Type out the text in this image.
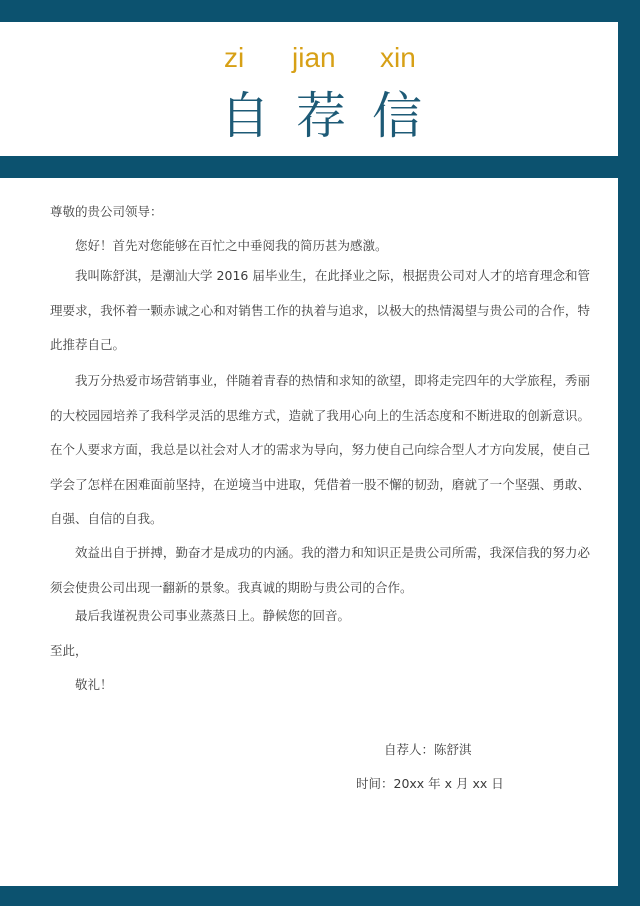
zi jian xin
自 荐 信
尊敬的贵公司领导：
您好！首先对您能够在百忙之中垂阅我的简历甚为感激。
我叫陈舒淇，是潮汕大学 2016 届毕业生，在此择业之际，根据贵公司对人才的培育理念和管理要求，我怀着一颗赤诚之心和对销售工作的执着与追求，以极大的热情渴望与贵公司的合作，特此推荐自己。
我万分热爱市场营销事业，伴随着青春的热情和求知的欲望，即将走完四年的大学旅程，秀丽的大校园园培养了我科学灵活的思维方式，造就了我用心向上的生活态度和不断进取的创新意识。在个人要求方面，我总是以社会对人才的需求为导向，努力使自己向综合型人才方向发展，使自己学会了怎样在困难面前坚持，在逆境当中进取，凭借着一股不懈的韧劲，磨就了一个坚强、勇敢、自强、自信的自我。
效益出自于拼搏，勤奋才是成功的内涵。我的潜力和知识正是贵公司所需，我深信我的努力必须会使贵公司出现一翻新的景象。我真诚的期盼与贵公司的合作。
最后我谨祝贵公司事业蒸蒸日上。静候您的回音。
至此，
敬礼！
自荐人：陈舒淇
时间：20xx 年 x 月 xx 日
